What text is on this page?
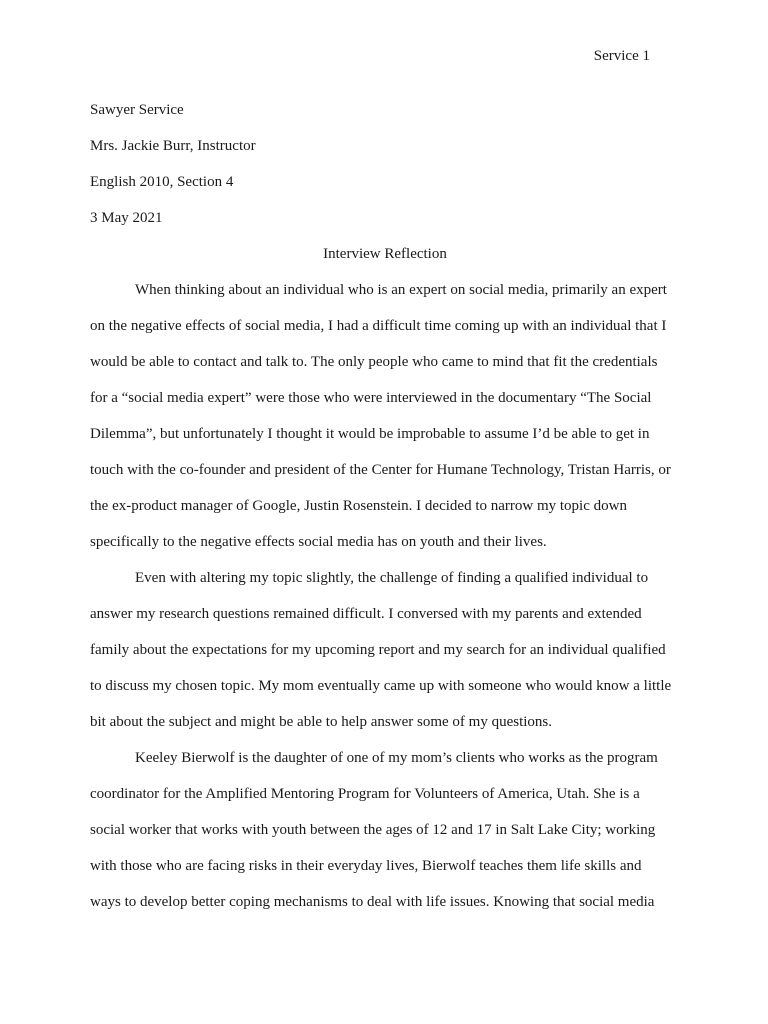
Service 1

Sawyer Service

Mrs. Jackie Burr, Instructor

English 2010, Section 4

3 May 2021

Interview Reflection

When thinking about an individual who is an expert on social media, primarily an expert
on the negative effects of social media, I had a difficult time coming up with an individual that I
would be able to contact and talk to. The only people who came to mind that fit the credentials
for a “social media expert” were those who were interviewed in the documentary “The Social
Dilemma”, but unfortunately I thought it would be improbable to assume I’d be able to get in
touch with the co-founder and president of the Center for Humane Technology, Tristan Harris, or
the ex-product manager of Google, Justin Rosenstein. I decided to narrow my topic down
specifically to the negative effects social media has on youth and their lives.
Even with altering my topic slightly, the challenge of finding a qualified individual to
answer my research questions remained difficult. I conversed with my parents and extended
family about the expectations for my upcoming report and my search for an individual qualified
to discuss my chosen topic. My mom eventually came up with someone who would know a little
bit about the subject and might be able to help answer some of my questions.
Keeley Bierwolf is the daughter of one of my mom’s clients who works as the program
coordinator for the Amplified Mentoring Program for Volunteers of America, Utah. She is a
social worker that works with youth between the ages of 12 and 17 in Salt Lake City; working
with those who are facing risks in their everyday lives, Bierwolf teaches them life skills and
ways to develop better coping mechanisms to deal with life issues. Knowing that social media
